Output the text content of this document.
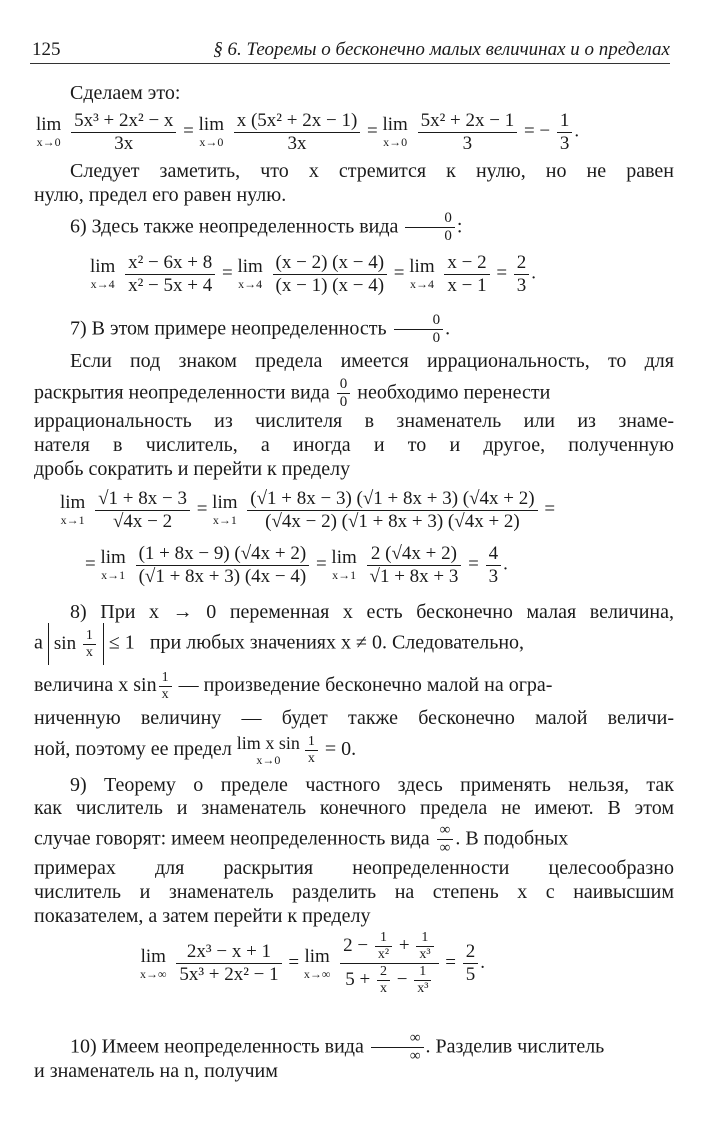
125	§ 6. Теоремы о бесконечно малых величинах и о пределах
Сделаем это:
lim
x→0
$\frac{\text{5x³ + 2x² − x}}{3x} = \lim$
x→0
$\frac{\text{x (5x² + 2x − 1)}}{3x} = \lim$
x→0
$\frac{\text{5x² + 2x − 1}}{3}$ = − $\frac{1}{3}$ .
Следует заметить, что x стремится к нулю, но не равен
нулю, предел его равен нулю.
6) Здесь также неопределенность вида $\frac{0}{0}$ :
lim
x→4
$\frac{\text{x² − 6x + 8}}{\text{x² − 5x + 4}} = \lim$
x→4
$\frac{(x - 2) (x - 4)}{(x - 1) (x - 4)} = \lim$
x→4
$\frac{x - 2}{x - 1} = \frac{2}{3}$ .
7) В этом примере неопределенность $\frac{0}{0}$ .
Если под знаком предела имеется иррациональность, то для
раскрытия неопределенности вида $\frac{0}{0}$ необходимо перенести
иррациональность из числителя в знаменатель или из знаме-
нателя в числитель, а иногда и то и другое, полученную
дробь сократить и перейти к пределу
lim
x→1
$\frac{√1 + 8x - 3}{√4x - 2} = \lim$
x→1
$\frac{(√1 + 8x - 3) (√1 + 8x + 3) (√4x + 2)}{(√4x - 2) (√1 + 8x + 3) (√4x + 2)}$ =
= lim
x→1
$\frac{(1 + 8x - 9) (√4x + 2)}{(√1 + 8x + 3) (4x - 4)} = \lim$
x→1
$\frac{2 (√4x + 2)}{√1 + 8x + 3} = \frac{4}{3}$ .
8) При x → 0 переменная x есть бесконечно малая величина,
а $\sin \frac{1}{x} \le 1$ при любых значениях x ≠ 0. Следовательно,
величина x $\sin \frac{1}{x}$ — произведение бесконечно малой на огра-
ниченную величину — будет также бесконечно малой величи-
ной, поэтому ее предел lim x sin
x→0	$\frac{1}{x} = 0$.
9) Теорему о пределе частного здесь применять нельзя, так
как числитель и знаменатель конечного предела не имеют. В этом
случае говорят: имеем неопределенность вида $\frac{\infty}{\infty}$ . В подобных
примерах для раскрытия неопределенности целесообразно
числитель и знаменатель разделить на степень x с наивысшим
показателем, а затем перейти к пределу
lim
x→∞
$\frac{\text{2x³ − x + 1}}{\text{5x³ + 2x² − 1}} = \lim$
x→∞
$\frac{2 - \frac{1}{\text{x²}} + \frac{1}{\text{x³}}}{5 + \frac{2}{x} - \frac{1}{\text{x³}}} = \frac{2}{5}$ .
10) Имеем неопределенность вида $\frac{\infty}{\infty}$ . Разделив числитель
и знаменатель на n, получим
